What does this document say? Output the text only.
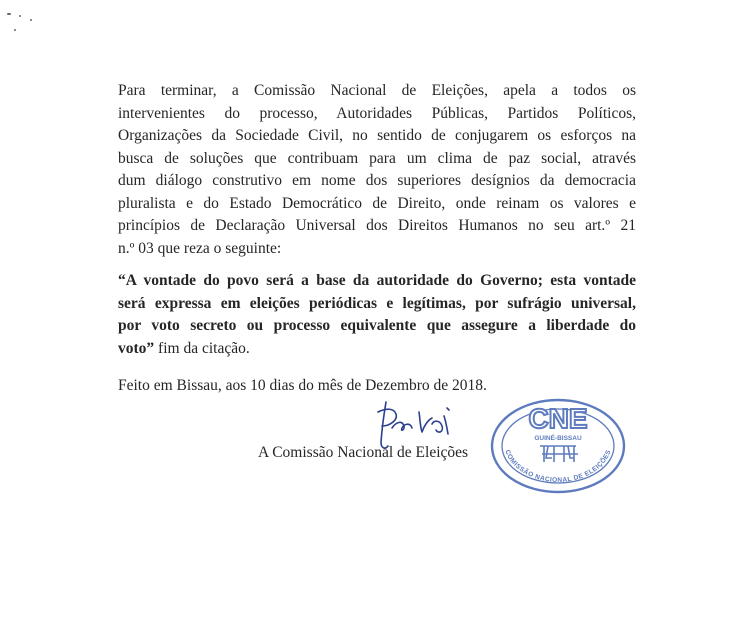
Para terminar, a Comissão Nacional de Eleições, apela a todos os
intervenientes do processo, Autoridades Públicas, Partidos Políticos,
Organizações da Sociedade Civil, no sentido de conjugarem os esforços na
busca de soluções que contribuam para um clima de paz social, através
dum diálogo construtivo em nome dos superiores desígnios da democracia
pluralista e do Estado Democrático de Direito, onde reinam os valores e
princípios de Declaração Universal dos Direitos Humanos no seu art.º 21
n.º 03 que reza o seguinte:
“A vontade do povo será a base da autoridade do Governo; esta vontade
será expressa em eleições periódicas e legítimas, por sufrágio universal,
por voto secreto ou processo equivalente que assegure a liberdade do
voto” fim da citação.
Feito em Bissau, aos 10 dias do mês de Dezembro de 2018.
A Comissão Nacional de Eleições
CNE
GUINÉ-BISSAU
COMISSÃO NACIONAL DE ELEIÇÕES
